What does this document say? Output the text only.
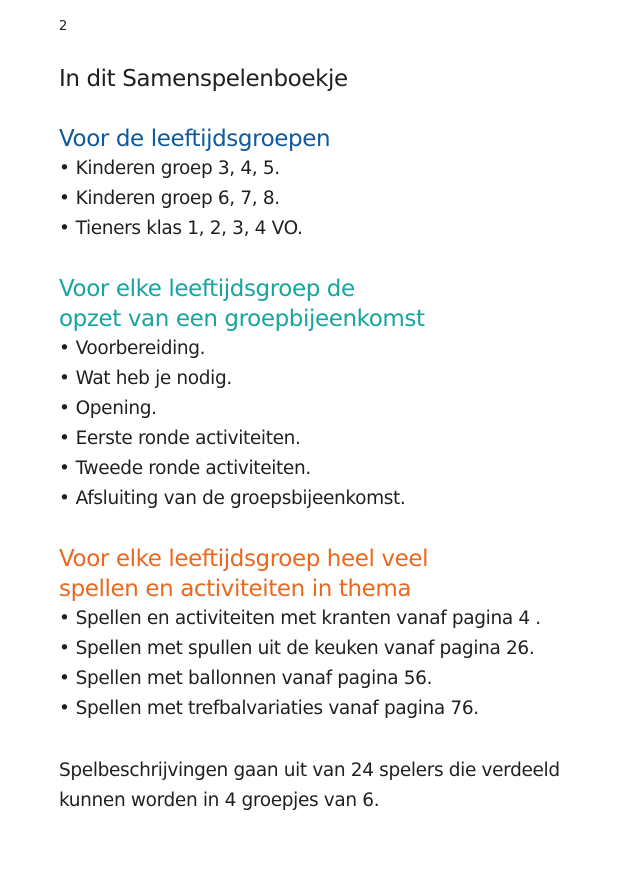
2
In dit Samenspelenboekje
Voor de leeftijdsgroepen
• Kinderen groep 3, 4, 5.
• Kinderen groep 6, 7, 8.
• Tieners klas 1, 2, 3, 4 VO.
Voor elke leeftijdsgroep de
opzet van een groepbijeenkomst
• Voorbereiding.
• Wat heb je nodig.
• Opening.
• Eerste ronde activiteiten.
• Tweede ronde activiteiten.
• Afsluiting van de groepsbijeenkomst.
Voor elke leeftijdsgroep heel veel
spellen en activiteiten in thema
• Spellen en activiteiten met kranten vanaf pagina 4 .
• Spellen met spullen uit de keuken vanaf pagina 26.
• Spellen met ballonnen vanaf pagina 56.
• Spellen met trefbalvariaties vanaf pagina 76.

Spelbeschrijvingen gaan uit van 24 spelers die verdeeld
kunnen worden in 4 groepjes van 6.
